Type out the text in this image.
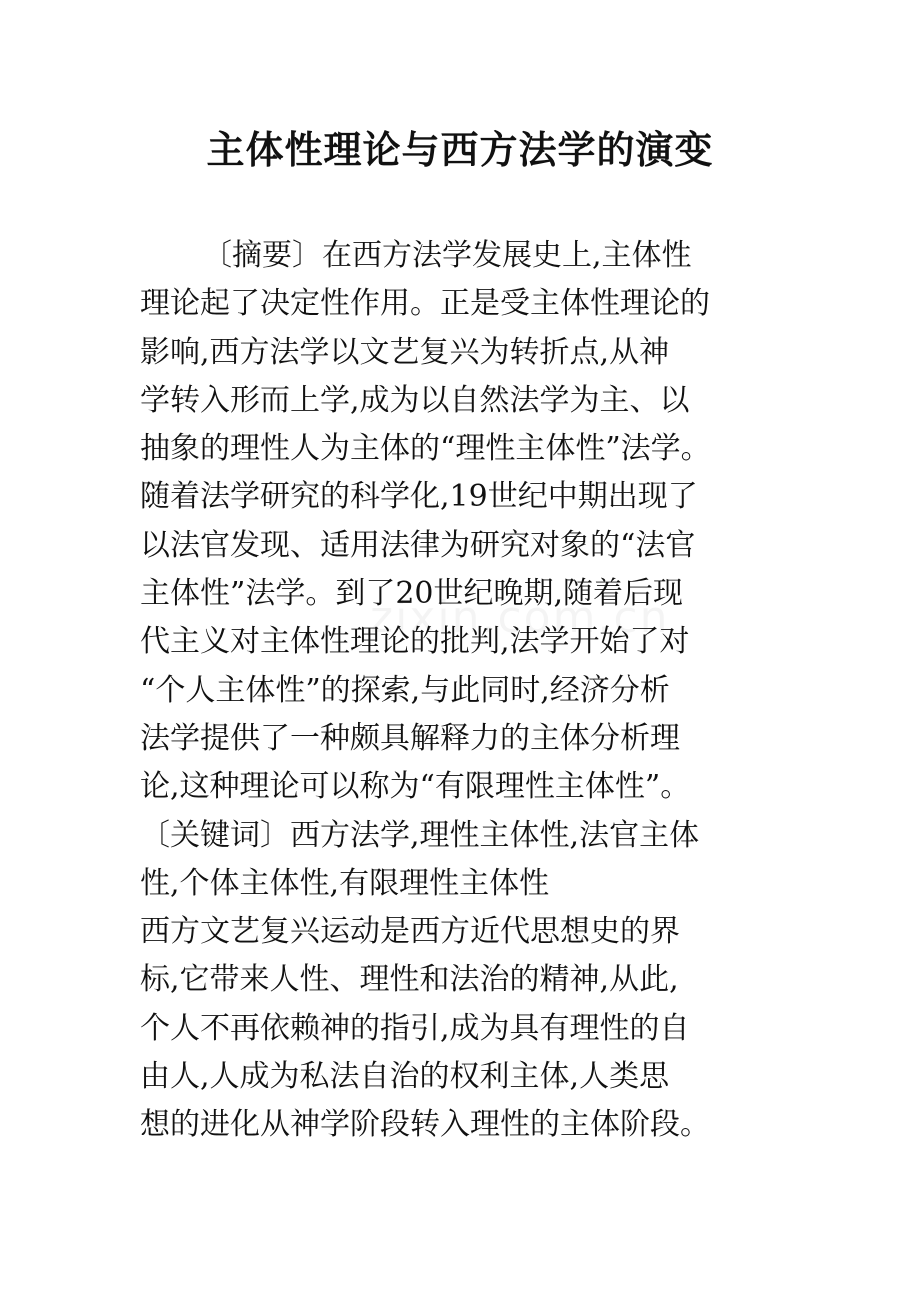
主体性理论与西方法学的演变
〔摘要〕在西方法学发展史上,主体性
理论起了决定性作用。正是受主体性理论的
影响,西方法学以文艺复兴为转折点,从神
学转入形而上学,成为以自然法学为主、以
抽象的理性人为主体的“理性主体性”法学。
随着法学研究的科学化,19世纪中期出现了
以法官发现、适用法律为研究对象的“法官
主体性”法学。到了20世纪晚期,随着后现
代主义对主体性理论的批判,法学开始了对
“个人主体性”的探索,与此同时,经济分析
法学提供了一种颇具解释力的主体分析理
论,这种理论可以称为“有限理性主体性”。
〔关键词〕西方法学,理性主体性,法官主体
性,个体主体性,有限理性主体性
西方文艺复兴运动是西方近代思想史的界
标,它带来人性、理性和法治的精神,从此,
个人不再依赖神的指引,成为具有理性的自
由人,人成为私法自治的权利主体,人类思
想的进化从神学阶段转入理性的主体阶段。
